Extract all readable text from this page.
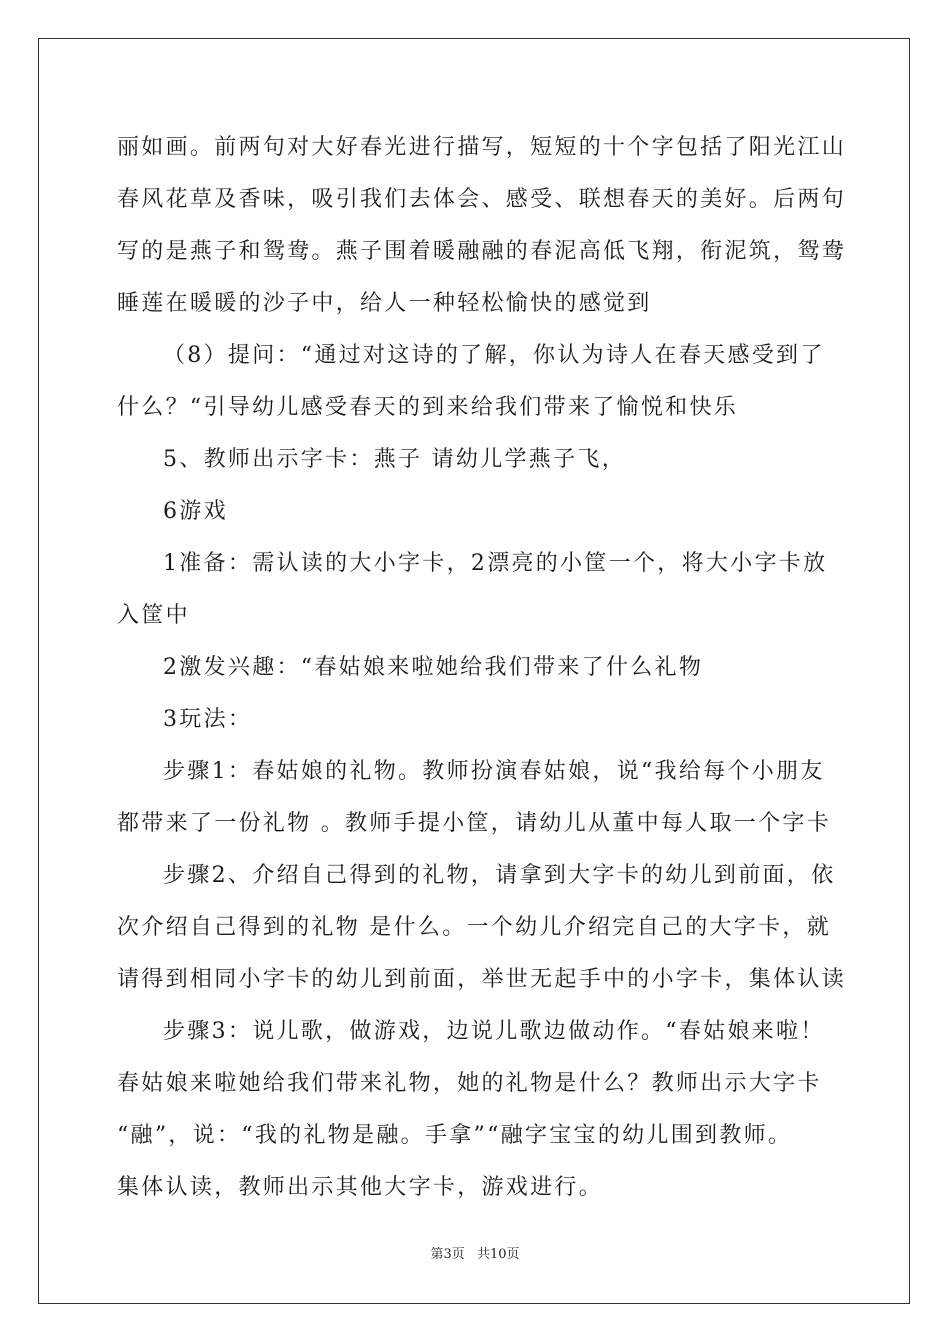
丽如画。前两句对大好春光进行描写，短短的十个字包括了阳光江山
春风花草及香味，吸引我们去体会、感受、联想春天的美好。后两句
写的是燕子和鸳鸯。燕子围着暖融融的春泥高低飞翔，衔泥筑，鸳鸯
睡莲在暖暖的沙子中，给人一种轻松愉快的感觉到
（8）提问：“通过对这诗的了解，你认为诗人在春天感受到了
什么？“引导幼儿感受春天的到来给我们带来了愉悦和快乐
5、教师出示字卡：燕子 请幼儿学燕子飞，
6游戏
1准备：需认读的大小字卡，2漂亮的小筐一个，将大小字卡放
入筐中
2激发兴趣：“春姑娘来啦她给我们带来了什么礼物
3玩法：
步骤1：春姑娘的礼物。教师扮演春姑娘，说“我给每个小朋友
都带来了一份礼物 。教师手提小筐，请幼儿从董中每人取一个字卡
步骤2、介绍自己得到的礼物，请拿到大字卡的幼儿到前面，依
次介绍自己得到的礼物 是什么。一个幼儿介绍完自己的大字卡，就
请得到相同小字卡的幼儿到前面，举世无起手中的小字卡，集体认读
步骤3：说儿歌，做游戏，边说儿歌边做动作。“春姑娘来啦！
春姑娘来啦她给我们带来礼物，她的礼物是什么？教师出示大字卡
“融”，说：“我的礼物是融。手拿”“融字宝宝的幼儿围到教师。
集体认读，教师出示其他大字卡，游戏进行。
第3页 共10页
